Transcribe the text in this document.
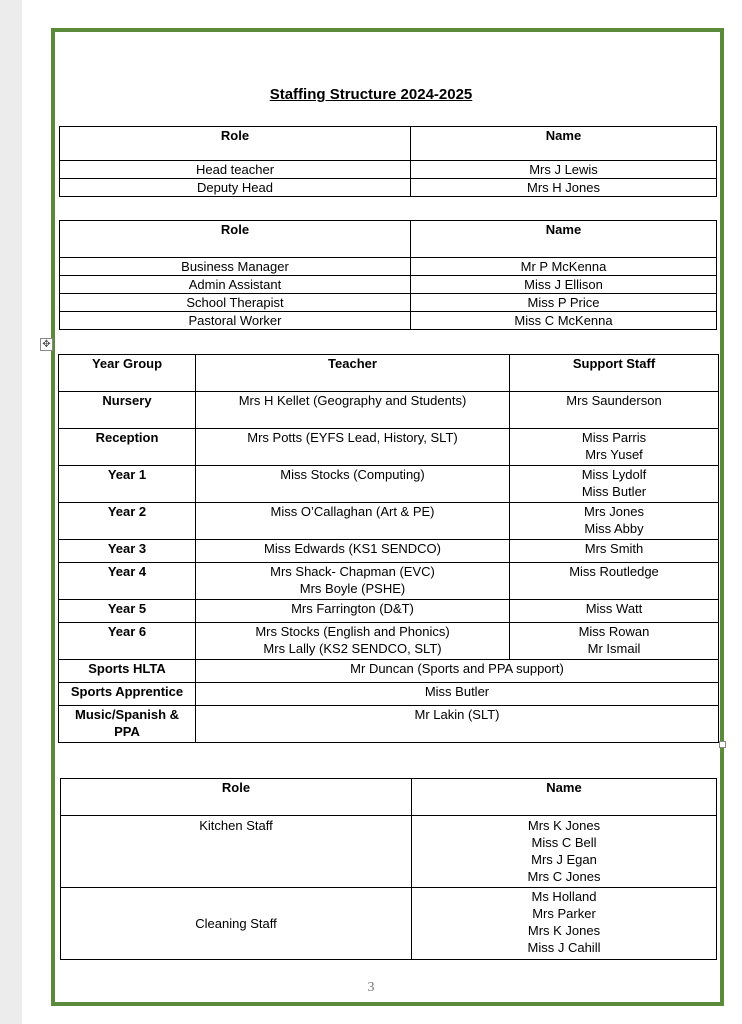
Staffing Structure 2024-2025
Role	Name
Head teacher	Mrs J Lewis
Deputy Head	Mrs H Jones
Role	Name
Business Manager	Mr P McKenna
Admin Assistant	Miss J Ellison
School Therapist	Miss P Price
Pastoral Worker	Miss C McKenna
✥
Year Group	Teacher	Support Staff
Nursery	Mrs H Kellet (Geography and Students)	Mrs Saunderson

Reception	Mrs Potts (EYFS Lead, History, SLT)	Miss Parris
Mrs Yusef

Year 1	Miss Stocks (Computing)	Miss Lydolf
Miss Butler

Year 2	Miss O’Callaghan (Art & PE)	Mrs Jones
Miss Abby

Year 3	Miss Edwards (KS1 SENDCO)	Mrs Smith

Year 4	Mrs Shack- Chapman (EVC)
Mrs Boyle (PSHE)	Miss Routledge

Year 5	Mrs Farrington (D&T)	Miss Watt

Year 6	Mrs Stocks (English and Phonics)
Mrs Lally (KS2 SENDCO, SLT)	Miss Rowan
Mr Ismail

Sports HLTA	Mr Duncan (Sports and PPA support)	

Sports Apprentice	Miss Butler	

Music/Spanish &
PPA	Mr Lakin (SLT)	
Role	Name
Kitchen Staff	Mrs K Jones
Miss C Bell
Mrs J Egan
Mrs C Jones

Cleaning Staff	Ms Holland
Mrs Parker
Mrs K Jones
Miss J Cahill
3
